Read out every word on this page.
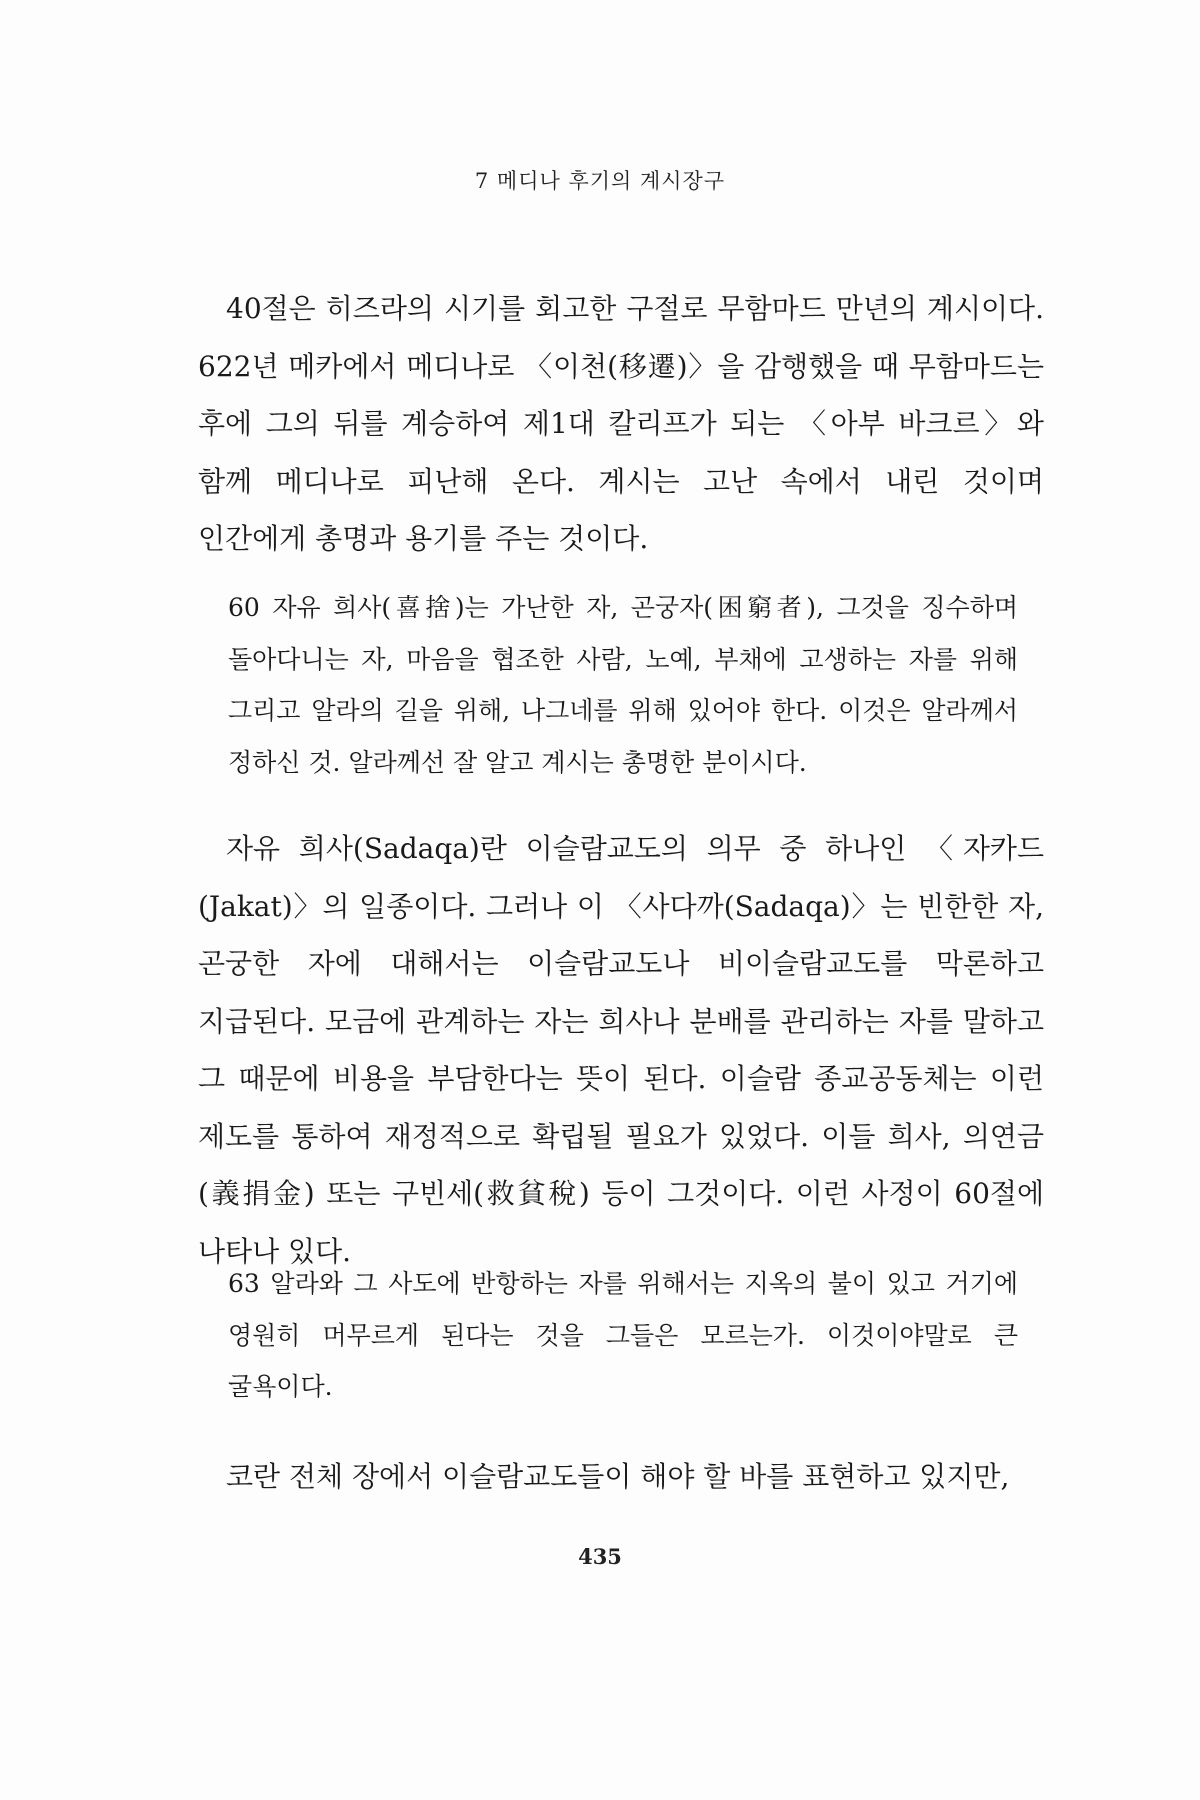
7 메디나 후기의 계시장구
40절은 히즈라의 시기를 회고한 구절로 무함마드 만년의 계시이다. 622년 메카에서 메디나로 〈이천(移遷)〉을 감행했을 때 무함마드는 후에 그의 뒤를 계승하여 제1대 칼리프가 되는 〈아부 바크르〉와 함께 메디나로 피난해 온다. 계시는 고난 속에서 내린 것이며 인간에게 총명과 용기를 주는 것이다.
60 자유 희사(喜捨)는 가난한 자, 곤궁자(困窮者), 그것을 징수하며 돌아다니는 자, 마음을 협조한 사람, 노예, 부채에 고생하는 자를 위해 그리고 알라의 길을 위해, 나그네를 위해 있어야 한다. 이것은 알라께서 정하신 것. 알라께선 잘 알고 계시는 총명한 분이시다.
자유 희사(Sadaqa)란 이슬람교도의 의무 중 하나인 〈자카드(Jakat)〉의 일종이다. 그러나 이 〈사다까(Sadaqa)〉는 빈한한 자, 곤궁한 자에 대해서는 이슬람교도나 비이슬람교도를 막론하고 지급된다. 모금에 관계하는 자는 희사나 분배를 관리하는 자를 말하고 그 때문에 비용을 부담한다는 뜻이 된다. 이슬람 종교공동체는 이런 제도를 통하여 재정적으로 확립될 필요가 있었다. 이들 희사, 의연금(義捐金) 또는 구빈세(救貧稅) 등이 그것이다. 이런 사정이 60절에 나타나 있다.
63 알라와 그 사도에 반항하는 자를 위해서는 지옥의 불이 있고 거기에 영원히 머무르게 된다는 것을 그들은 모르는가. 이것이야말로 큰 굴욕이다.
코란 전체 장에서 이슬람교도들이 해야 할 바를 표현하고 있지만,
435
